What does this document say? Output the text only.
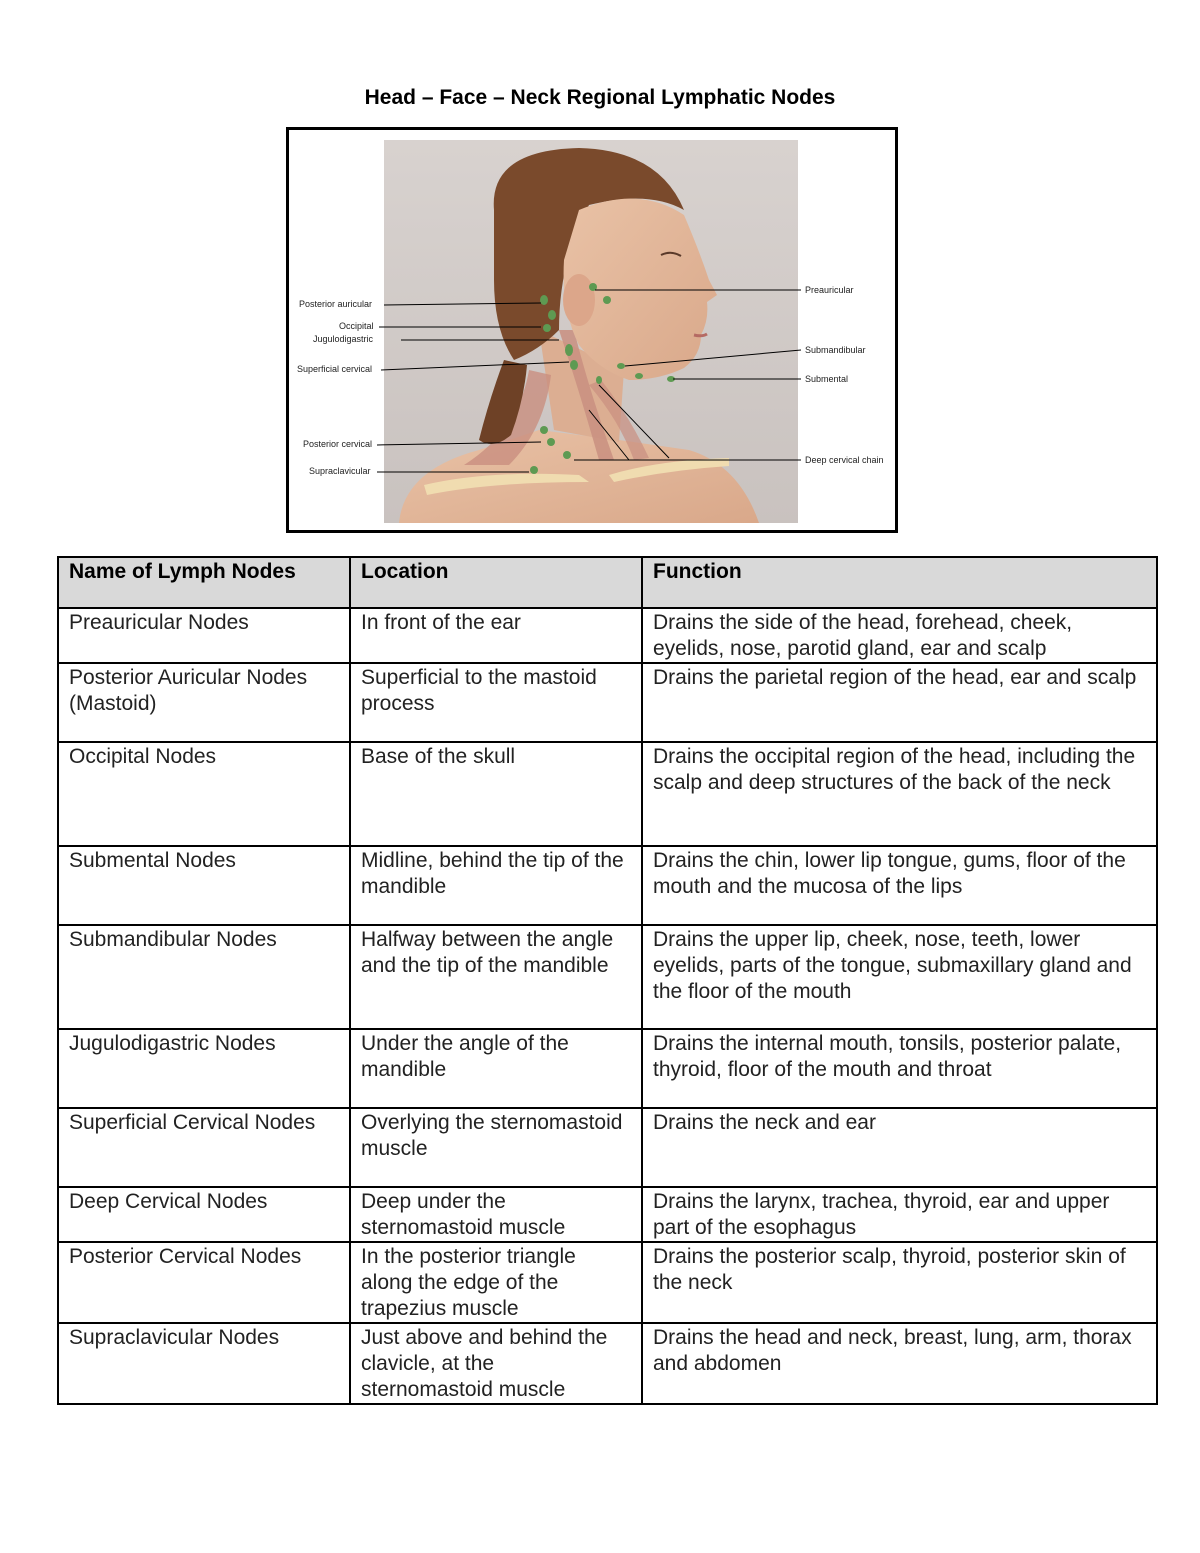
Head – Face – Neck Regional Lymphatic Nodes
Posterior auricular
Occipital
Jugulodigastric
Superficial cervical
Posterior cervical
Supraclavicular
Preauricular
Submandibular
Submental
Deep cervical chain
Name of Lymph Nodes	Location	Function
Preauricular Nodes	In front of the ear	Drains the side of the head, forehead, cheek, eyelids, nose, parotid gland, ear and scalp
Posterior Auricular Nodes (Mastoid)	Superficial to the mastoid process	Drains the parietal region of the head, ear and scalp
Occipital Nodes	Base of the skull	Drains the occipital region of the head, including the scalp and deep structures of the back of the neck
Submental Nodes	Midline, behind the tip of the mandible	Drains the chin, lower lip tongue, gums, floor of the mouth and the mucosa of the lips
Submandibular Nodes	Halfway between the angle and the tip of the mandible	Drains the upper lip, cheek, nose, teeth, lower eyelids, parts of the tongue, submaxillary gland and the floor of the mouth
Jugulodigastric Nodes	Under the angle of the mandible	Drains the internal mouth, tonsils, posterior palate, thyroid, floor of the mouth and throat
Superficial Cervical Nodes	Overlying the sternomastoid muscle	Drains the neck and ear
Deep Cervical Nodes	Deep under the sternomastoid muscle	Drains the larynx, trachea, thyroid, ear and upper part of the esophagus
Posterior Cervical Nodes	In the posterior triangle along the edge of the trapezius muscle	Drains the posterior scalp, thyroid, posterior skin of the neck
Supraclavicular Nodes	Just above and behind the clavicle, at the sternomastoid muscle	Drains the head and neck, breast, lung, arm, thorax and abdomen
